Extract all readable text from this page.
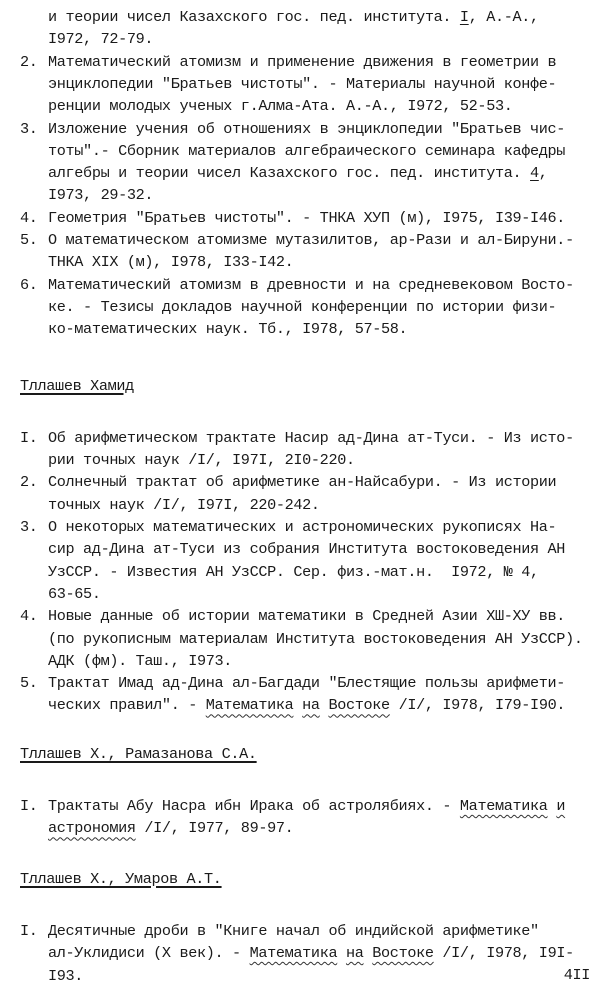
и теории чисел Казахского гос. пед. института. I, А.-А.,
I972, 72-79.
2. Математический атомизм и применение движения в геометрии в
энциклопедии "Братьев чистоты". - Материалы научной конфе-
ренции молодых ученых г.Алма-Ата. А.-А., I972, 52-53.
3. Изложение учения об отношениях в энциклопедии "Братьев чис-
тоты".- Сборник материалов алгебраического семинара кафедры
алгебры и теории чисел Казахского гос. пед. института. 4,
I973, 29-32.
4. Геометрия "Братьев чистоты". - ТНКА ХУП (м), I975, I39-I46.
5. О математическом атомизме мутазилитов, ар-Рази и ал-Бируни.-
ТНКА XIX (м), I978, I33-I42.
6. Математический атомизм в древности и на средневековом Восто-
ке. - Тезисы докладов научной конференции по истории физи-
ко-математических наук. Тб., I978, 57-58.
Тллашев Хамид
I. Об арифметическом трактате Насир ад-Дина ат-Туси. - Из исто-
рии точных наук /I/, I97I, 2I0-220.
2. Солнечный трактат об арифметике ан-Найсабури. - Из истории
точных наук /I/, I97I, 220-242.
3. О некоторых математических и астрономических рукописях На-
сир ад-Дина ат-Туси из собрания Института востоковедения АН
УзССР. - Известия АН УзССР. Сер. физ.-мат.н.  I972, № 4,
63-65.
4. Новые данные об истории математики в Средней Азии XШ-XУ вв.
(по рукописным материалам Института востоковедения АН УзССР).
АДК (фм). Таш., I973.
5. Трактат Имад ад-Дина ал-Багдади "Блестящие пользы арифмети-
ческих правил". - Математика на Востоке /I/, I978, I79-I90.
Тллашев Х., Рамазанова С.А.
I. Трактаты Абу Насра ибн Ирака об астролябиях. - Математика и
астрономия /I/, I977, 89-97.
Тллашев Х., Умаров А.Т.
I. Десятичные дроби в "Книге начал об индийской арифметике"
ал-Уклидиси (X век). - Математика на Востоке /I/, I978, I9I-
I93.	4II
